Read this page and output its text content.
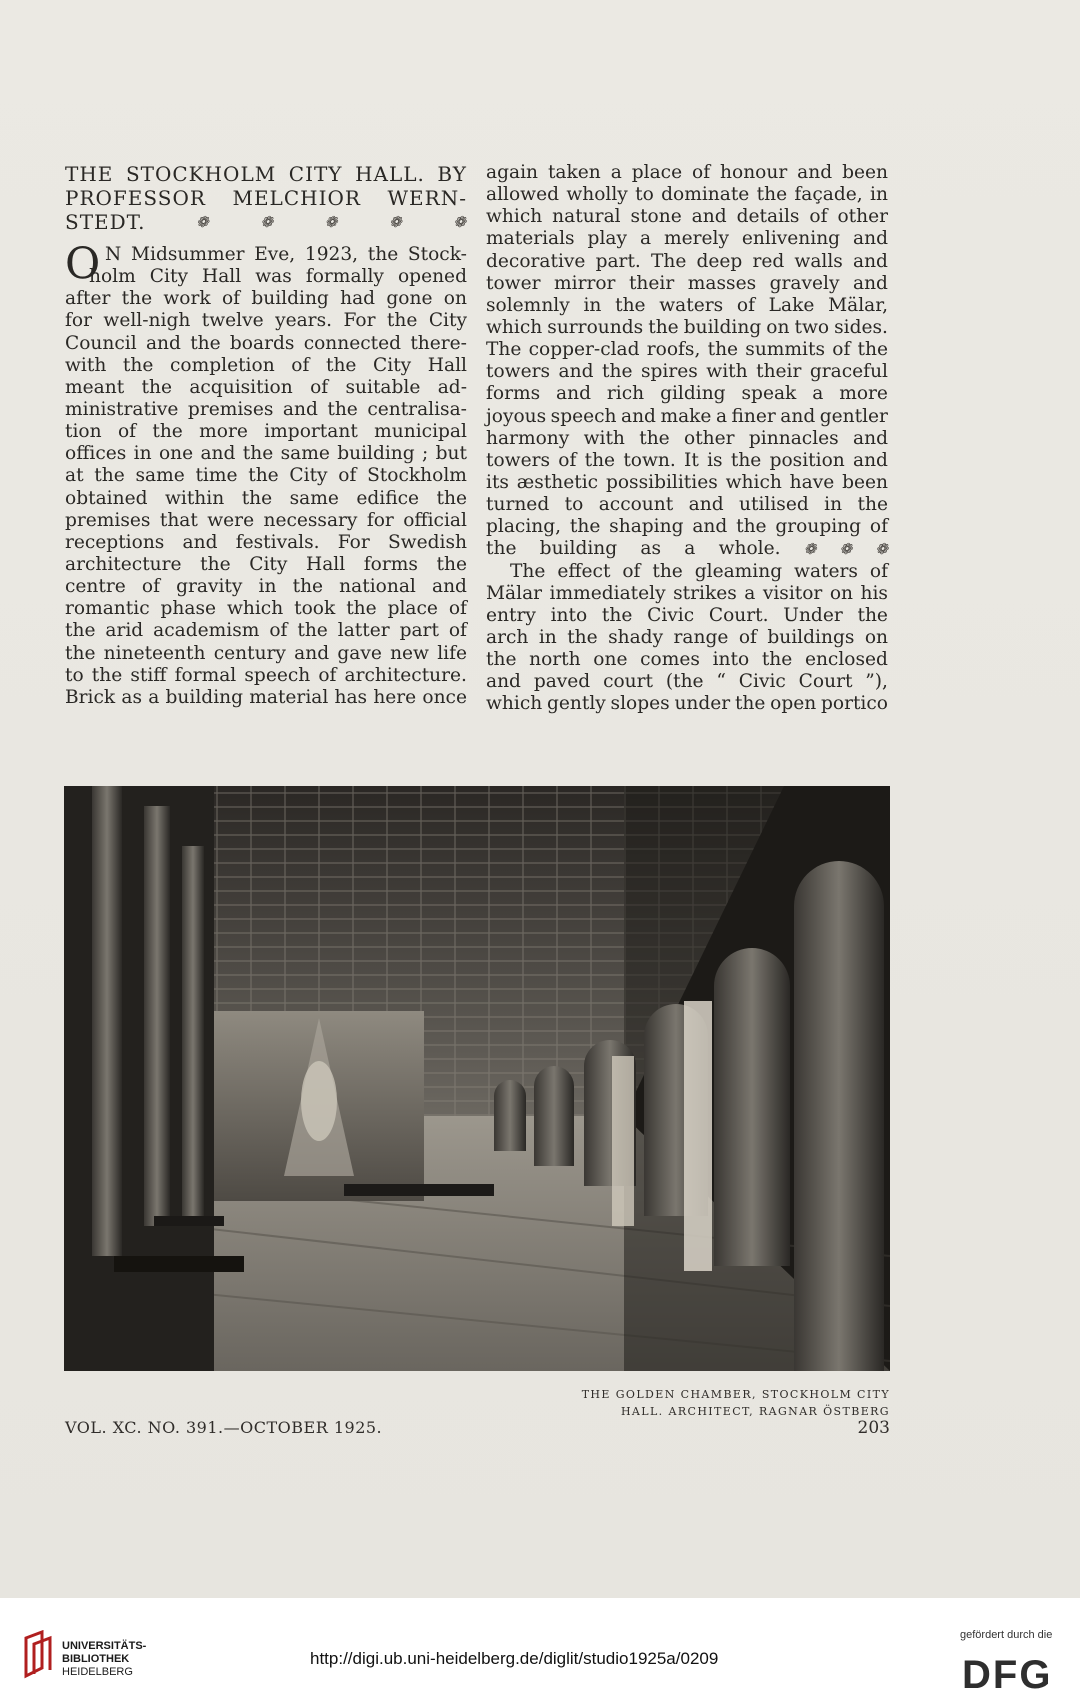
THE STOCKHOLM CITY HALL. BY
PROFESSOR MELCHIOR WERN-
STEDT.	❁	❁	❁	❁	❁
O N Midsummer Eve, 1923, the Stock-
holm City Hall was formally opened
after the work of building had gone on
for well-nigh twelve years. For the City
Council and the boards connected there-
with the completion of the City Hall
meant the acquisition of suitable ad-
ministrative premises and the centralisa-
tion of the more important municipal
offices in one and the same building ; but
at the same time the City of Stockholm
obtained within the same edifice the
premises that were necessary for official
receptions and festivals. For Swedish
architecture the City Hall forms the
centre of gravity in the national and
romantic phase which took the place of
the arid academism of the latter part of
the nineteenth century and gave new life
to the stiff formal speech of architecture.
Brick as a building material has here once
again taken a place of honour and been
allowed wholly to dominate the façade, in
which natural stone and details of other
materials play a merely enlivening and
decorative part. The deep red walls and
tower mirror their masses gravely and
solemnly in the waters of Lake Mälar,
which surrounds the building on two sides.
The copper-clad roofs, the summits of the
towers and the spires with their graceful
forms and rich gilding speak a more
joyous speech and make a finer and gentler
harmony with the other pinnacles and
towers of the town. It is the position and
its æsthetic possibilities which have been
turned to account and utilised in the
placing, the shaping and the grouping of
the building as a whole. ❁ ❁ ❁
The effect of the gleaming waters of
Mälar immediately strikes a visitor on his
entry into the Civic Court. Under the
arch in the shady range of buildings on
the north one comes into the enclosed
and paved court (the “ Civic Court ”),
which gently slopes under the open portico
THE GOLDEN CHAMBER, STOCKHOLM CITY
HALL. ARCHITECT, RAGNAR ÖSTBERG
VOL. XC. NO. 391.—OCTOBER 1925.	203
UNIVERSITÄTS-
BIBLIOTHEK
HEIDELBERG
http://digi.ub.uni-heidelberg.de/diglit/studio1925a/0209
gefördert durch die
DFG
